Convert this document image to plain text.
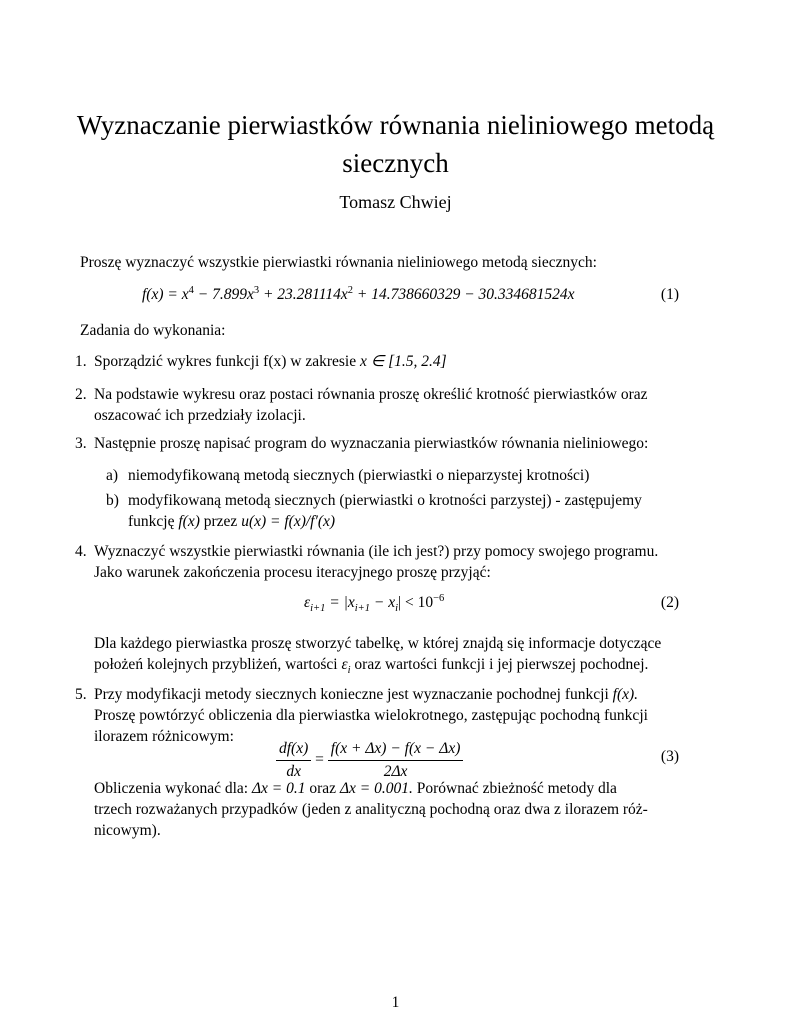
Wyznaczanie pierwiastków równania nieliniowego metodą
siecznych
Tomasz Chwiej
Proszę wyznaczyć wszystkie pierwiastki równania nieliniowego metodą siecznych:
$f(x) = x^4 - 7.899x^3 + 23.281114x^2 + 14.738660329 - 30.334681524x$	(1)
Zadania do wykonania:
1. Sporządzić wykres funkcji f(x) w zakresie x ∈ [1.5, 2.4]
2. Na podstawie wykresu oraz postaci równania proszę określić krotność pierwiastków oraz
oszacować ich przedziały izolacji.
3. Następnie proszę napisać program do wyznaczania pierwiastków równania nieliniowego:
a) niemodyfikowaną metodą siecznych (pierwiastki o nieparzystej krotności)
b) modyfikowaną metodą siecznych (pierwiastki o krotności parzystej) - zastępujemy
funkcję f(x) przez u(x) = f(x)/f′(x)
4. Wyznaczyć wszystkie pierwiastki równania (ile ich jest?) przy pomocy swojego programu.
Jako warunek zakończenia procesu iteracyjnego proszę przyjąć:
$\varepsilon_{i+1} = |x_{i+1} - x_i| < 10^{-6}$	(2)
Dla każdego pierwiastka proszę stworzyć tabelkę, w której znajdą się informacje dotyczące
położeń kolejnych przybliżeń, wartości $\varepsilon_i$ oraz wartości funkcji i jej pierwszej pochodnej.
5. Przy modyfikacji metody siecznych konieczne jest wyznaczanie pochodnej funkcji f(x).
Proszę powtórzyć obliczenia dla pierwiastka wielokrotnego, zastępując pochodną funkcji
ilorazem różnicowym:
$\frac{df(x)}{dx} = \frac{f(x + \Delta x) - f(x - \Delta x)}{2\Delta x}$	(3)
Obliczenia wykonać dla: Δx = 0.1 oraz Δx = 0.001. Porównać zbieżność metody dla
trzech rozważanych przypadków (jeden z analityczną pochodną oraz dwa z ilorazem róż-
nicowym).
1
